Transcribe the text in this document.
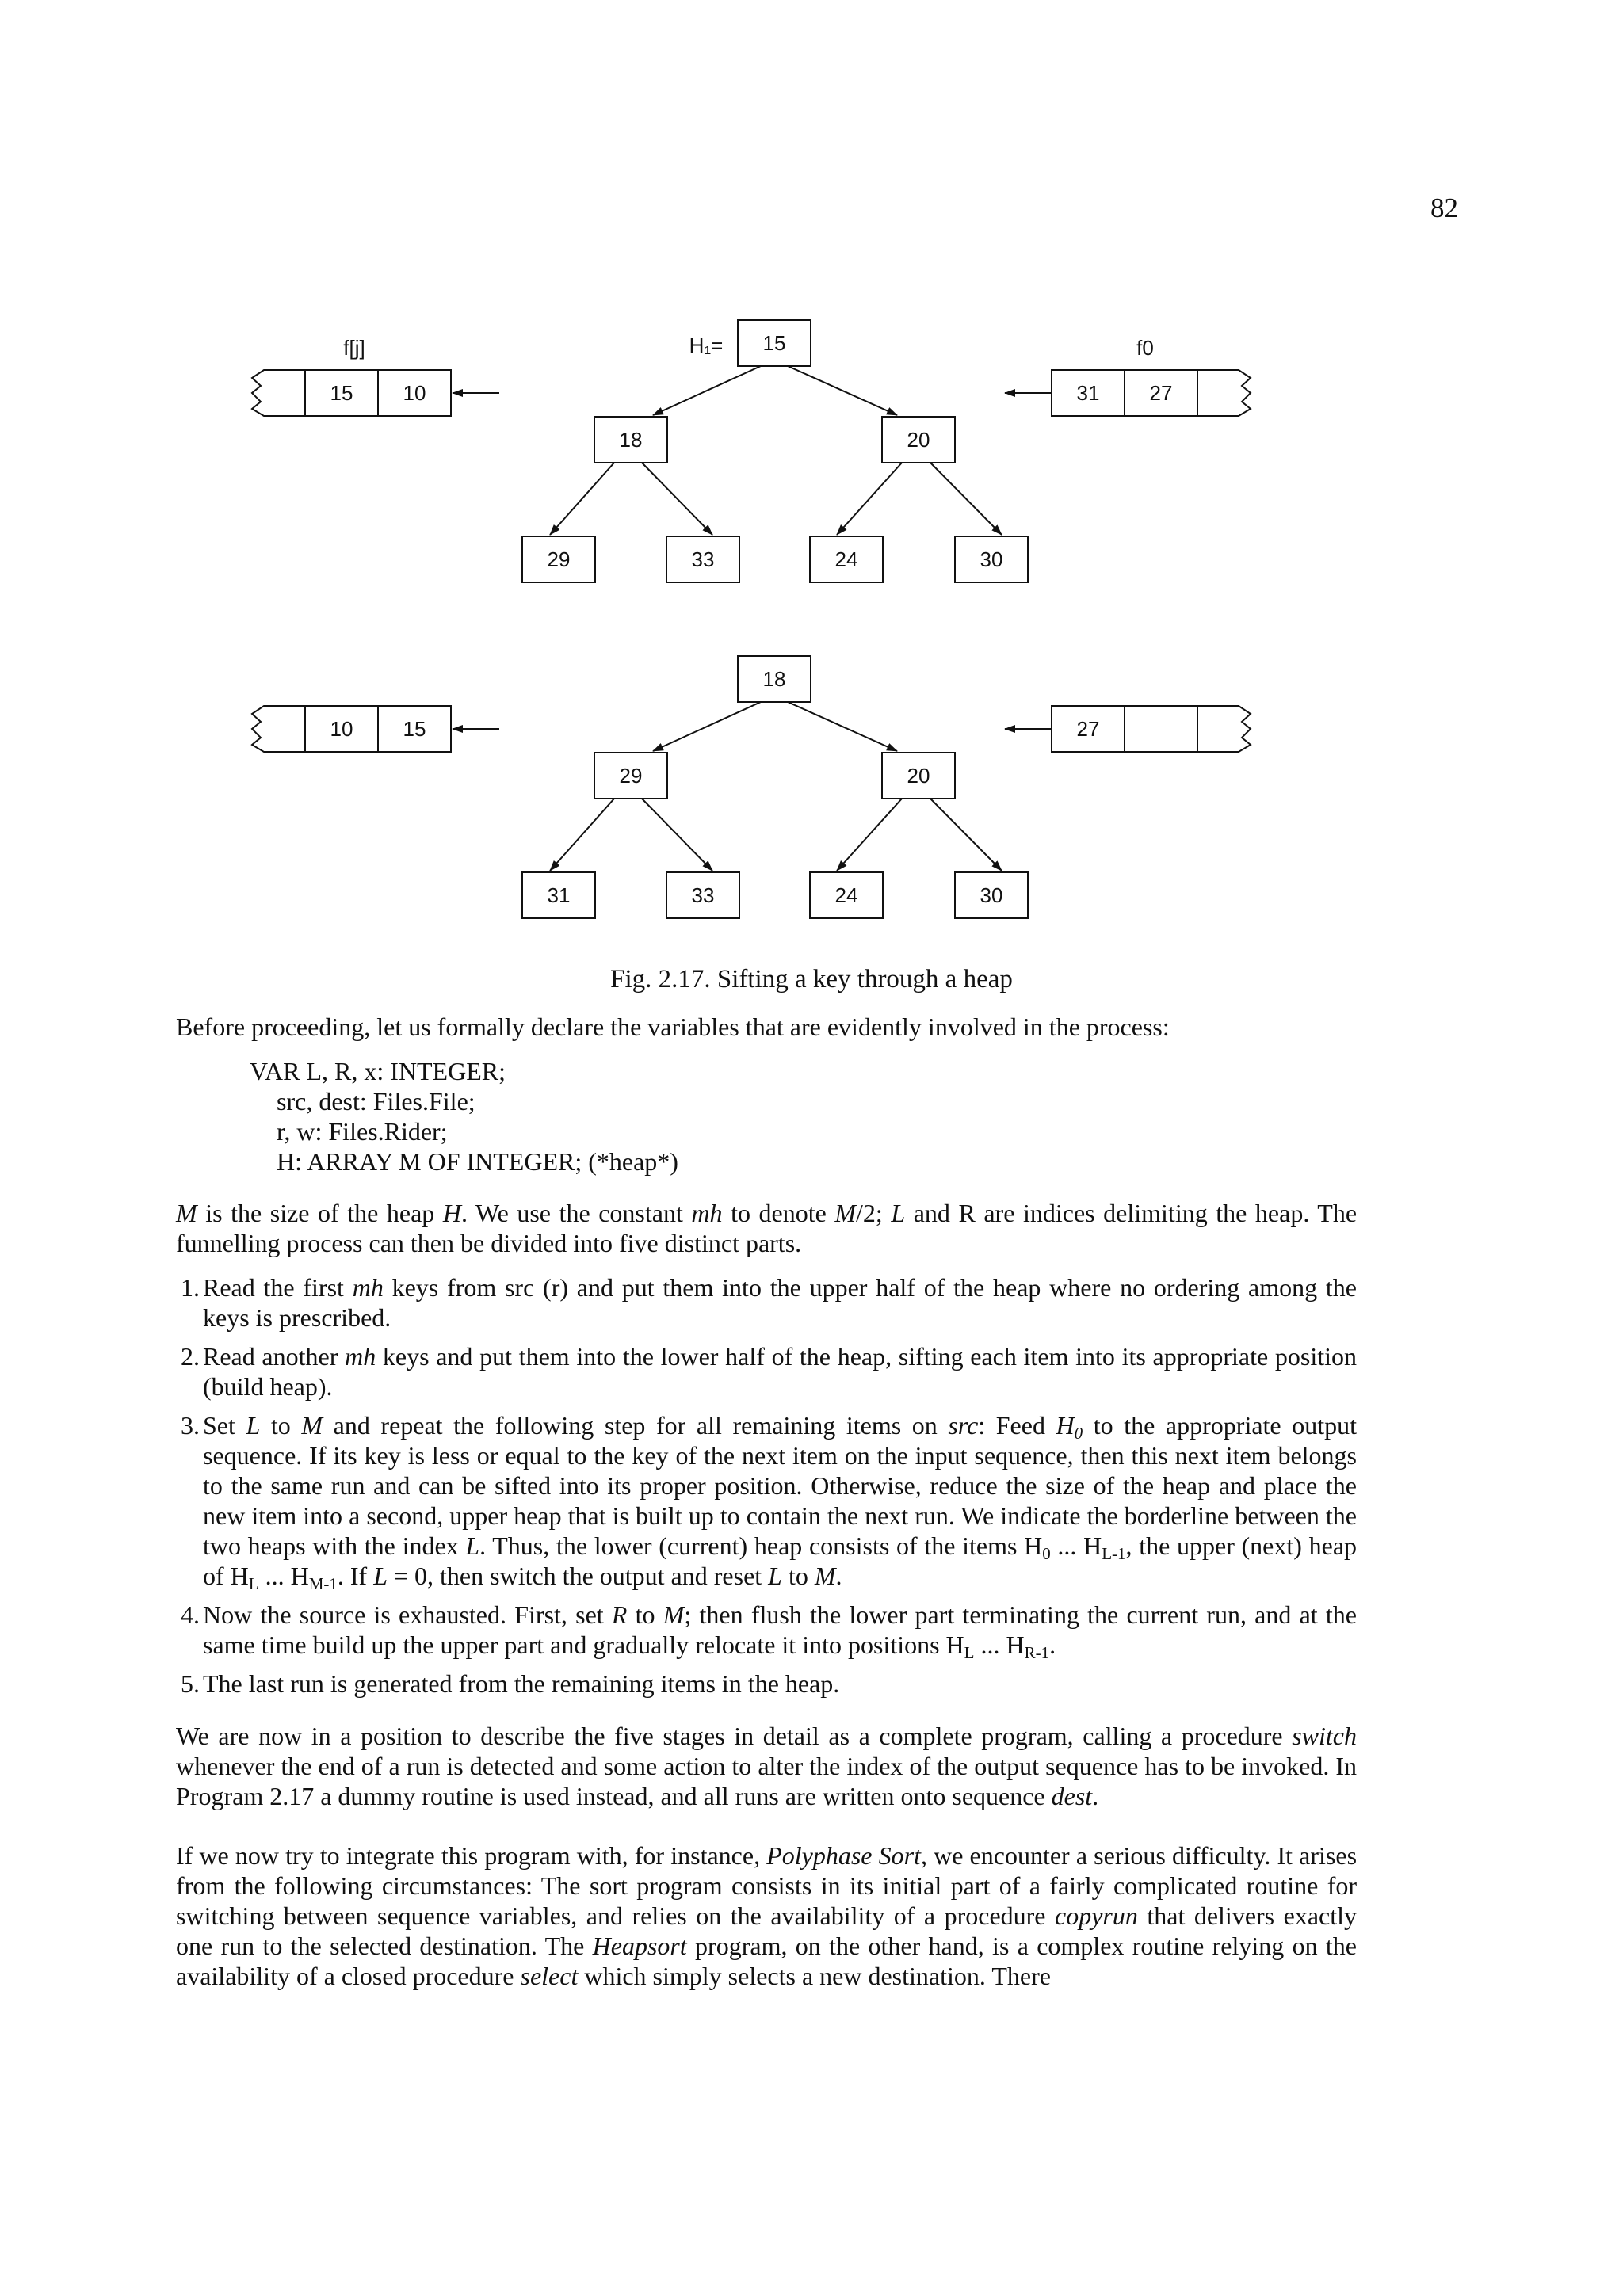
82
f[j]	H₁=	f0
15 10	31 27
15
18	20
29	33	24	30
10 15	27
18
29	20
31	33	24	30
Fig. 2.17. Sifting a key through a heap

Before proceeding, let us formally declare the variables that are evidently involved in the process:

VAR L, R, x: INTEGER;
src, dest: Files.File;
r, w: Files.Rider;
H: ARRAY M OF INTEGER; (*heap*)

M is the size of the heap H. We use the constant mh to denote M/2; L and R are indices delimiting the heap. The funnelling process can then be divided into five distinct parts.

1. Read the first mh keys from src (r) and put them into the upper half of the heap where no ordering among the keys is prescribed.
2. Read another mh keys and put them into the lower half of the heap, sifting each item into its appropriate position (build heap).
3. Set L to M and repeat the following step for all remaining items on src: Feed $H_0$ to the appropriate output sequence. If its key is less or equal to the key of the next item on the input sequence, then this next item belongs to the same run and can be sifted into its proper position. Otherwise, reduce the size of the heap and place the new item into a second, upper heap that is built up to contain the next run. We indicate the borderline between the two heaps with the index L. Thus, the lower (current) heap consists of the items $H_0$ ... $H_{L-1}$, the upper (next) heap of $H_L$ ... $H_{M-1}$. If L = 0, then switch the output and reset L to M.
4. Now the source is exhausted. First, set R to M; then flush the lower part terminating the current run, and at the same time build up the upper part and gradually relocate it into positions $H_L$ ... $H_{R-1}$.
5. The last run is generated from the remaining items in the heap.

We are now in a position to describe the five stages in detail as a complete program, calling a procedure switch whenever the end of a run is detected and some action to alter the index of the output sequence has to be invoked. In Program 2.17 a dummy routine is used instead, and all runs are written onto sequence dest.

If we now try to integrate this program with, for instance, Polyphase Sort, we encounter a serious difficulty. It arises from the following circumstances: The sort program consists in its initial part of a fairly complicated routine for switching between sequence variables, and relies on the availability of a procedure copyrun that delivers exactly one run to the selected destination. The Heapsort program, on the other hand, is a complex routine relying on the availability of a closed procedure select which simply selects a new destination. There
